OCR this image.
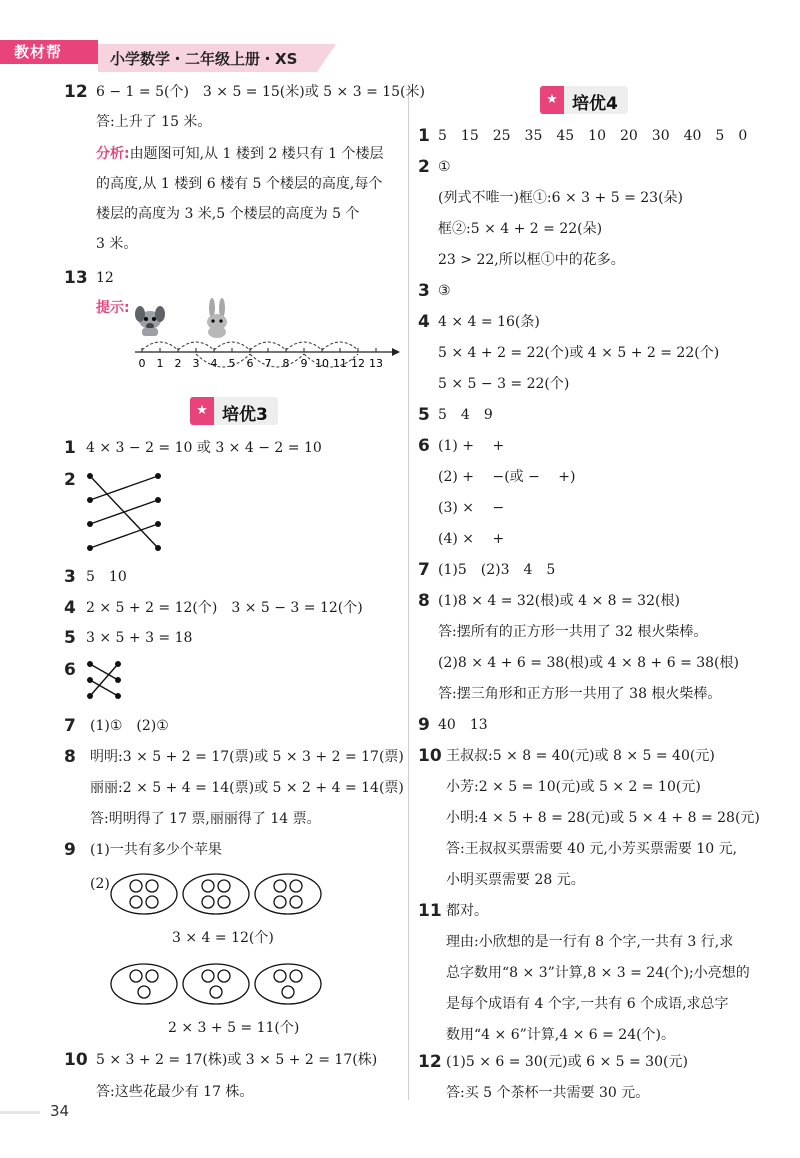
教材帮	小学数学・二年级上册・XS
12 6 − 1 = 5(个)　3 × 5 = 15(米)或 5 × 3 = 15(米)
答:上升了 15 米。
分析:由题图可知,从 1 楼到 2 楼只有 1 个楼层
的高度,从 1 楼到 6 楼有 5 个楼层的高度,每个
楼层的高度为 3 米,5 个楼层的高度为 5 个
3 米。
13 12
提示:
0 1 2 3 4 5 6 7 8 9 10 11 12 13
★ 培优3
1 4 × 3 − 2 = 10 或 3 × 4 − 2 = 10
2
3 5　10
4 2 × 5 + 2 = 12(个)　3 × 5 − 3 = 12(个)
5 3 × 5 + 3 = 18
6
7 (1)①　(2)①
8 明明:3 × 5 + 2 = 17(票)或 5 × 3 + 2 = 17(票)
丽丽:2 × 5 + 4 = 14(票)或 5 × 2 + 4 = 14(票)
答:明明得了 17 票,丽丽得了 14 票。
9 (1)一共有多少个苹果
(2)
3 × 4 = 12(个)
2 × 3 + 5 = 11(个)
10 5 × 3 + 2 = 17(株)或 3 × 5 + 2 = 17(株)
答:这些花最少有 17 株。
★ 培优4
1 5　15　25　35　45　10　20　30　40　5　0
2 ①
(列式不唯一)框①:6 × 3 + 5 = 23(朵)
框②:5 × 4 + 2 = 22(朵)
23 > 22,所以框①中的花多。
3 ③
4 4 × 4 = 16(条)
5 × 4 + 2 = 22(个)或 4 × 5 + 2 = 22(个)
5 × 5 − 3 = 22(个)
5 5　4　9
6 (1) +　 +
(2) +　 −(或 −　 +)
(3) ×　 −
(4) ×　 +
7 (1)5　(2)3　4　5
8 (1)8 × 4 = 32(根)或 4 × 8 = 32(根)
答:摆所有的正方形一共用了 32 根火柴棒。
(2)8 × 4 + 6 = 38(根)或 4 × 8 + 6 = 38(根)
答:摆三角形和正方形一共用了 38 根火柴棒。
9 40　13
10 王叔叔:5 × 8 = 40(元)或 8 × 5 = 40(元)
小芳:2 × 5 = 10(元)或 5 × 2 = 10(元)
小明:4 × 5 + 8 = 28(元)或 5 × 4 + 8 = 28(元)
答:王叔叔买票需要 40 元,小芳买票需要 10 元,
小明买票需要 28 元。
11 都对。
理由:小欣想的是一行有 8 个字,一共有 3 行,求
总字数用“8 × 3”计算,8 × 3 = 24(个);小亮想的
是每个成语有 4 个字,一共有 6 个成语,求总字
数用“4 × 6”计算,4 × 6 = 24(个)。
12 (1)5 × 6 = 30(元)或 6 × 5 = 30(元)
答:买 5 个茶杯一共需要 30 元。
34
